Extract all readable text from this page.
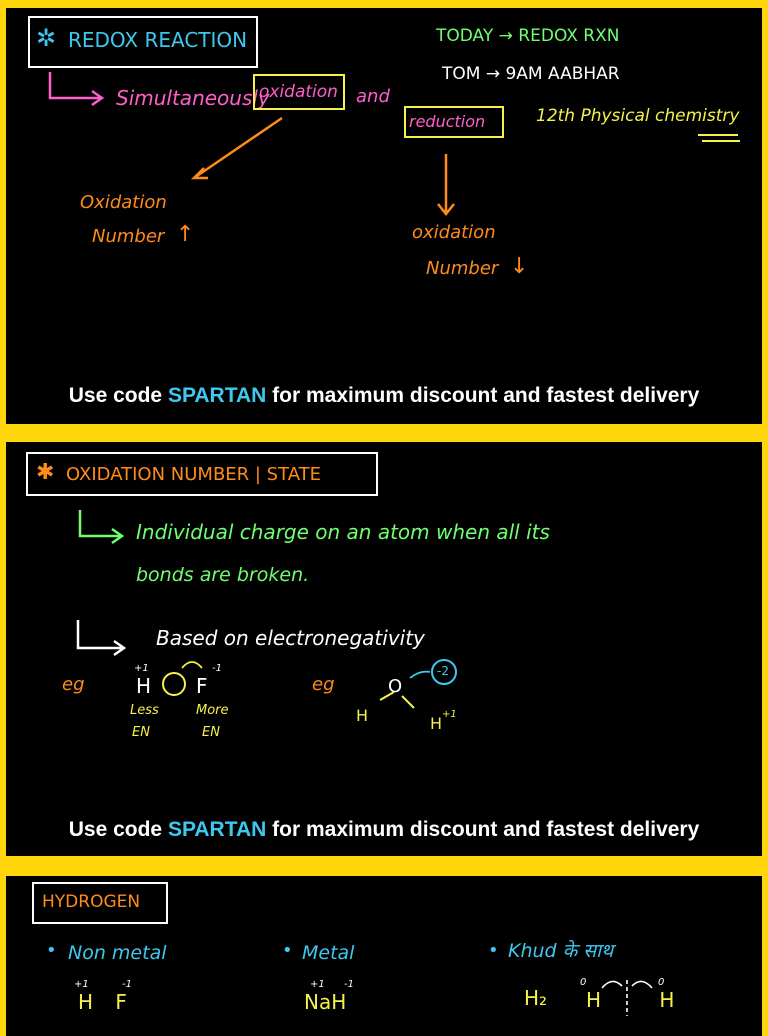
✲ REDOX REACTION	TODAY → REDOX RXN
TOM → 9AM AABHAR
12th Physical chemistry
Simultaneously
oxidation and
reduction
Oxidation
Number ↑	oxidation
Number ↓
Use code SPARTAN for maximum discount and fastest delivery
✱ OXIDATION NUMBER | STATE
Individual charge on an atom when all its
bonds are broken.
Based on electronegativity
eg
+1
H F
-1
Less
EN
More
EN
eg	O
-2
H	H +1
Use code SPARTAN for maximum discount and fastest delivery
HYDROGEN
• Non metal
+1	-1
H F
• Metal
+1 -1
NaH
• Khud के साथ
H₂
0	0
H H
